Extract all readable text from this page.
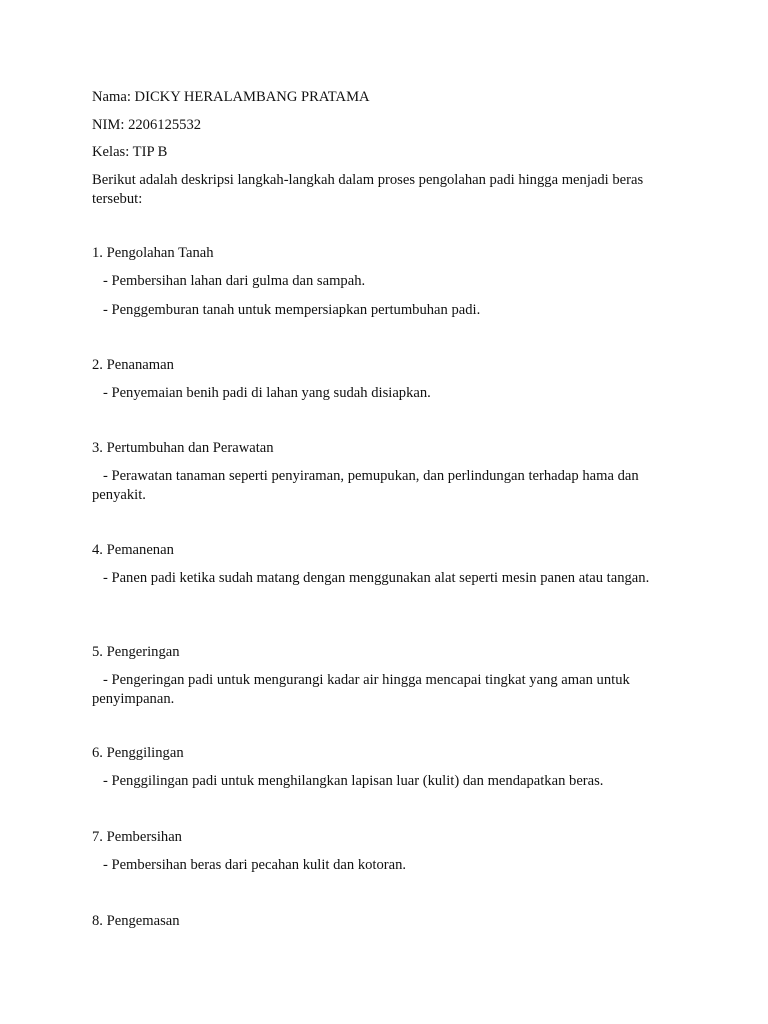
Nama: DICKY HERALAMBANG PRATAMA
NIM: 2206125532
Kelas: TIP B
Berikut adalah deskripsi langkah-langkah dalam proses pengolahan padi hingga menjadi beras tersebut:
1. Pengolahan Tanah
- Pembersihan lahan dari gulma dan sampah.
- Penggemburan tanah untuk mempersiapkan pertumbuhan padi.
2. Penanaman
- Penyemaian benih padi di lahan yang sudah disiapkan.
3. Pertumbuhan dan Perawatan
- Perawatan tanaman seperti penyiraman, pemupukan, dan perlindungan terhadap hama dan penyakit.
4. Pemanenan
- Panen padi ketika sudah matang dengan menggunakan alat seperti mesin panen atau tangan.
5. Pengeringan
- Pengeringan padi untuk mengurangi kadar air hingga mencapai tingkat yang aman untuk penyimpanan.
6. Penggilingan
- Penggilingan padi untuk menghilangkan lapisan luar (kulit) dan mendapatkan beras.
7. Pembersihan
- Pembersihan beras dari pecahan kulit dan kotoran.
8. Pengemasan
